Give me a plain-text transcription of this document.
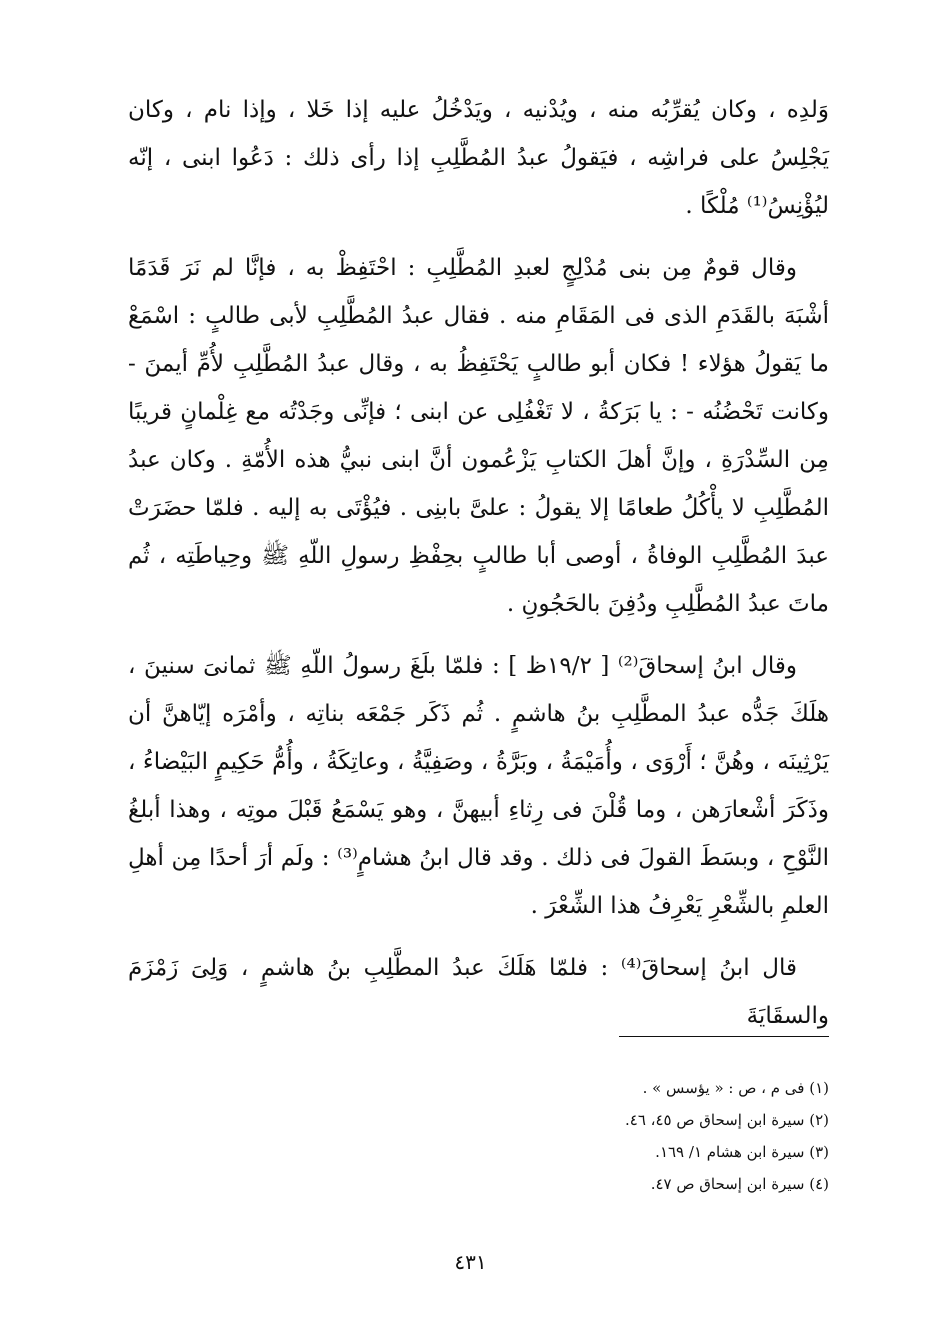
وَلدِه ، وكان يُقرِّبُه منه ، ويُدْنيه ، ويَدْخُلُ عليه إذا خَلا ، وإذا نام ، وكان يَجْلِسُ على فراشِه ، فيَقولُ عبدُ المُطَّلِبِ إذا رأى ذلك : دَعُوا ابنى ، إنّه ليُؤْنِسُ⁽¹⁾ مُلْكًا .

وقال قومٌ مِن بنى مُدْلِجٍ لعبدِ المُطَّلِبِ : احْتَفِظْ به ، فإنَّا لم نَرَ قَدَمًا أشْبَهَ بالقَدَمِ الذى فى المَقَامِ منه . فقال عبدُ المُطَّلِبِ لأبى طالبٍ : اسْمَعْ ما يَقولُ هؤلاء ! فكان أبو طالبٍ يَحْتَفِظُ به ، وقال عبدُ المُطَّلِبِ لأُمِّ أيمنَ - وكانت تَحْضُنُه - : يا بَرَكةُ ، لا تَغْفُلِى عن ابنى ؛ فإنِّى وجَدْتُه مع غِلْمانٍ قريبًا مِن السِّدْرَةِ ، وإنَّ أهلَ الكتابِ يَزْعُمون أنَّ ابنى نبيُّ هذه الأُمّةِ . وكان عبدُ المُطَّلِبِ لا يأْكُلُ طعامًا إلا يقولُ : علىَّ بابنِى . فيُؤْتَى به إليه . فلمّا حضَرَتْ عبدَ المُطَّلِبِ الوفاةُ ، أوصى أبا طالبٍ بحِفْظِ رسولِ اللّهِ ﷺ وحِياطَتِه ، ثُم ماتَ عبدُ المُطَّلِبِ ودُفِنَ بالحَجُونِ .

وقال ابنُ إسحاقَ⁽²⁾ [ ١٩/٢ظ ] : فلمّا بلَغَ رسولُ اللّهِ ﷺ ثمانىَ سنينَ ، هلَكَ جَدُّه عبدُ المطَّلِبِ بنُ هاشمٍ . ثُم ذَكَر جَمْعَه بناتِه ، وأمْرَه إيّاهنَّ أن يَرْثِينَه ، وهُنَّ ؛ أَرْوَى ، وأُمَيْمَةُ ، وبَرَّةُ ، وصَفِيَّةُ ، وعاتِكَةُ ، وأُمُّ حَكِيمٍ البَيْضاءُ ، وذَكَرَ أشْعارَهن ، وما قُلْنَ فى رِثاءِ أبيهنَّ ، وهو يَسْمَعُ قَبْلَ موتِه ، وهذا أبلغُ النَّوْحِ ، وبسَطَ القولَ فى ذلك . وقد قال ابنُ هشامٍ⁽³⁾ : ولَم أرَ أحدًا مِن أهلِ العلمِ بالشِّعْرِ يَعْرِفُ هذا الشِّعْرَ .

قال ابنُ إسحاقَ⁽⁴⁾ : فلمّا هَلَكَ عبدُ المطَّلِبِ بنُ هاشمٍ ، وَلِىَ زَمْزَمَ والسقَايَةَ

(١) فى م ، ص : « يؤسس » .
(٢) سيرة ابن إسحاق ص ٤٥، ٤٦.
(٣) سيرة ابن هشام ١/ ١٦٩.
(٤) سيرة ابن إسحاق ص ٤٧.
٤٣١
